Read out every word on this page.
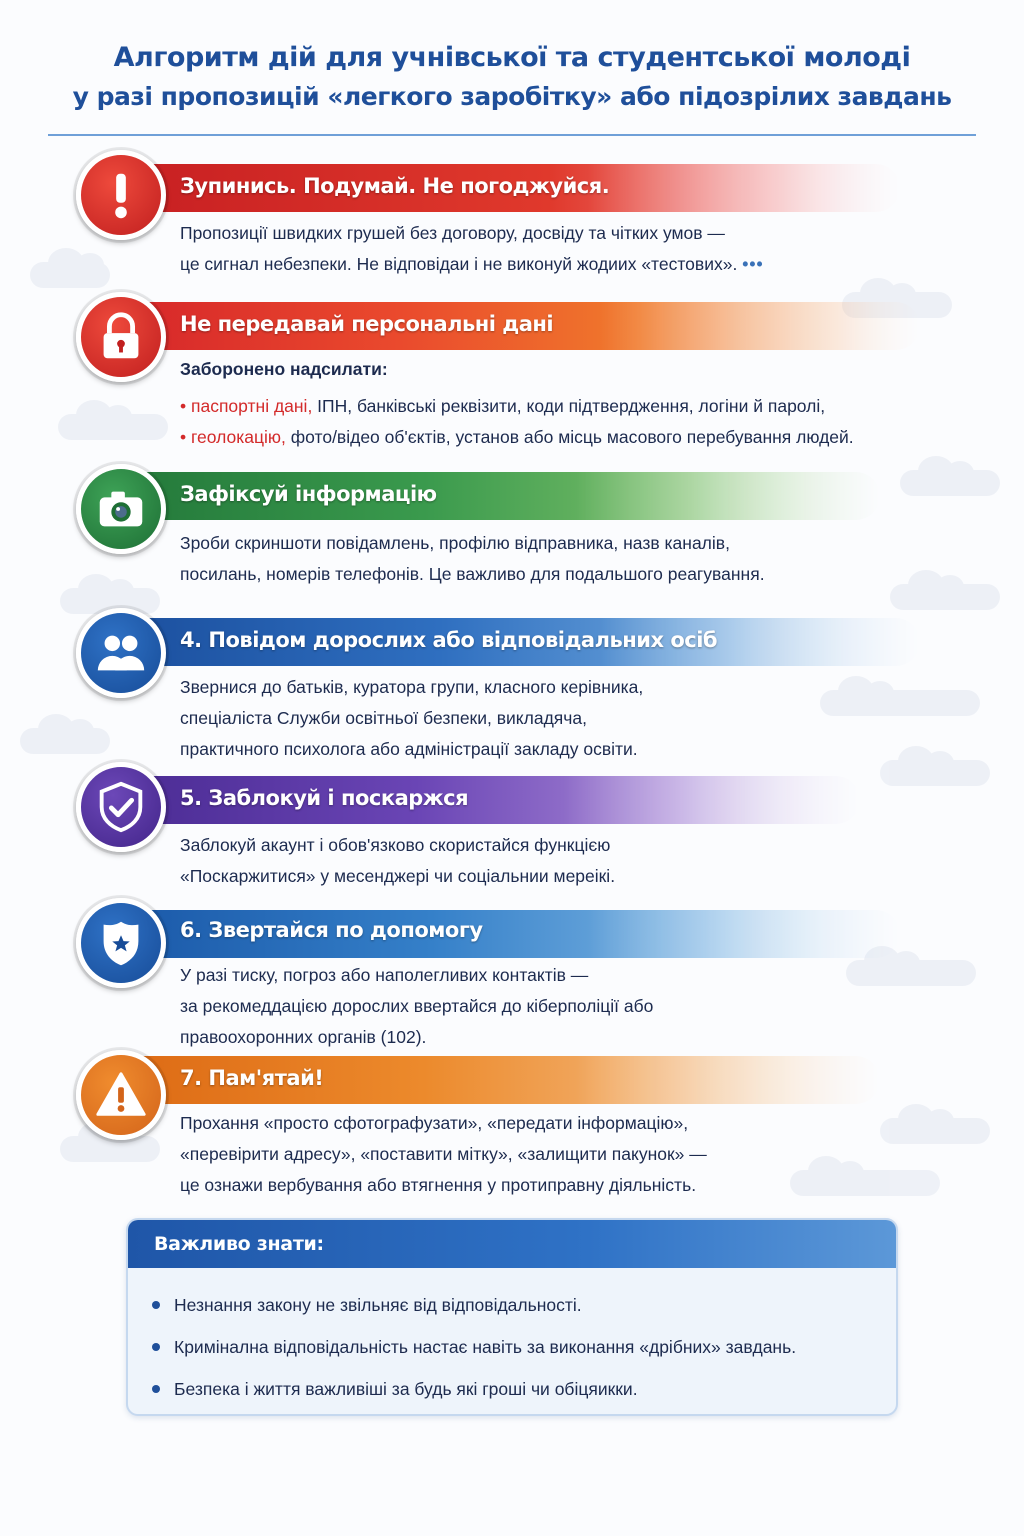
Алгоритм дій для учнівської та студентської молоді
у разі пропозицій «легкого заробітку» або підозрілих завдань
Зупинись. Подумай. Не погоджуйся.
Пропозиції швидких грушей без договору, досвіду та чітких умов —
це сигнал небезпеки. Не відповідаи і не виконуй жодиих «тестових». •••
Не передавай персональні дані
Заборонено надсилати:
• паспортні дані, ІПН, банківські реквізити, коди підтвердження, логіни й паролі,
• геолокацію, фото/відео об'єктів, установ або місць масового перебування людей.
Зафіксуй інформацію
Зроби скриншоти повідамлень, профілю відправника, назв каналів,
посилань, номерів телефонів. Це важливо для подальшого реагування.
4. Повідом дорослих або відповідальних осіб
Звернися до батьків, куратора групи, класного керівника,
спеціаліста Служби освітньої безпеки, викладяча,
практичного психолога або адміністрації закладу освіти.
5. Заблокуй і поскаржся
Заблокуй акаунт і обов'язково скористайся функцією
«Поскаржитися» у месенджері чи соціальнии мереікі.
6. Звертайся по допомогу
У разі тиску, погроз або наполегливих контактів —
за рекомеддацією дорослих ввертайся до кіберполіції або
правоохоронних органів (102).
7. Пам'ятай!
Прохання «просто сфотографузати», «передати інформацію»,
«перевірити адресу», «поставити мітку», «залищити пакунок» —
це ознажи вербування або втягнення у протиправну діяльність.
Важливо знати:
Незнання закону не звільняє від відповідальності.
Кримінална відповідальність настає навіть за виконання «дрібних» завдань.
Безпека і життя важливіші за будь які гроші чи обіцяикки.
